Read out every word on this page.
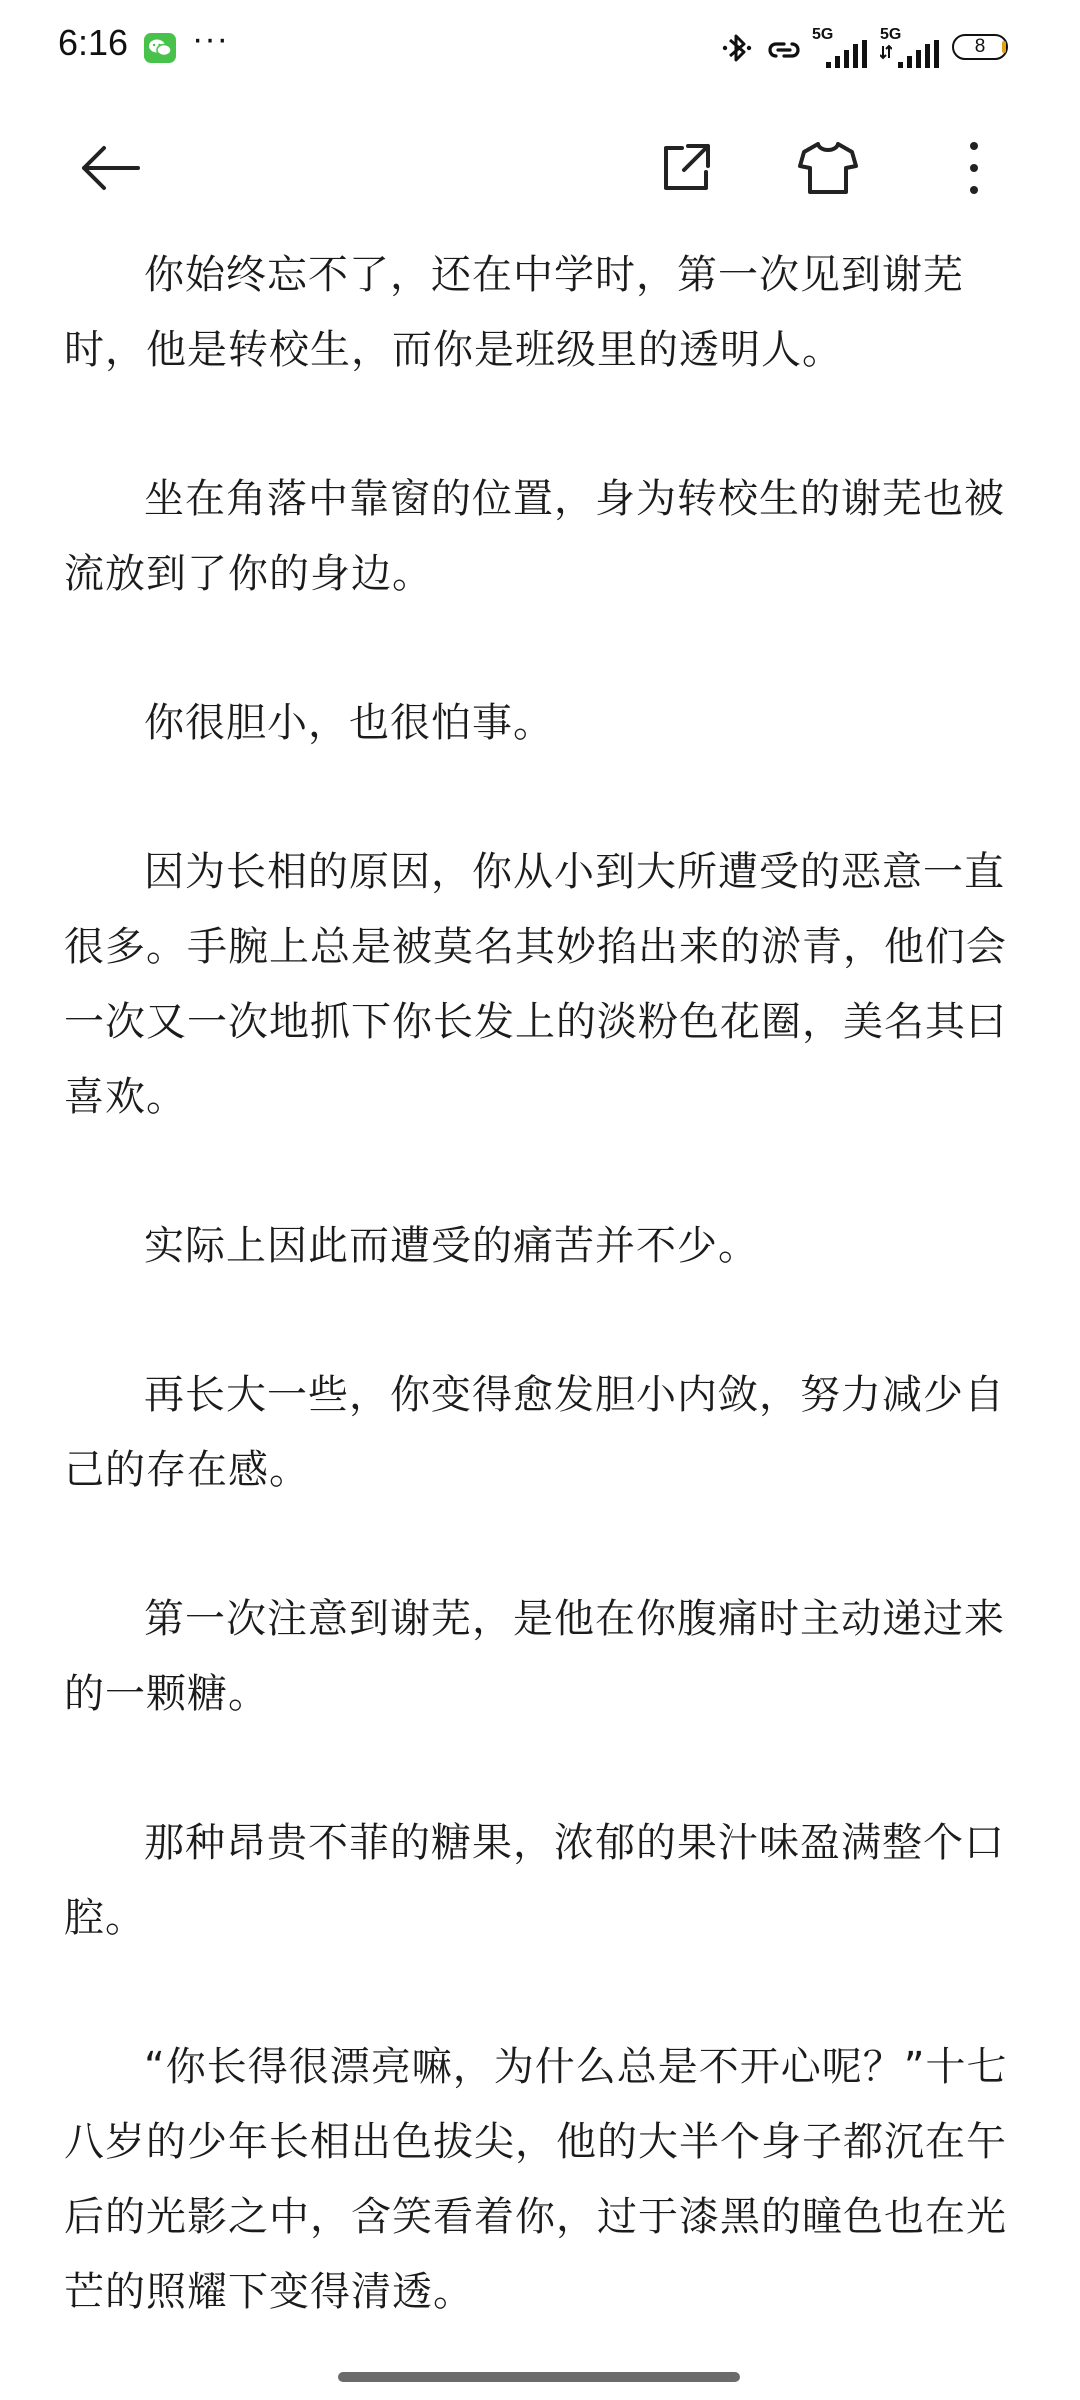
6:16 ···	5G	5G
8

你始终忘不了，还在中学时，第一次见到谢芜时，他是转校生，而你是班级里的透明人。

坐在角落中靠窗的位置，身为转校生的谢芜也被流放到了你的身边。

你很胆小，也很怕事。

因为长相的原因，你从小到大所遭受的恶意一直很多。手腕上总是被莫名其妙掐出来的淤青，他们会一次又一次地抓下你长发上的淡粉色花圈，美名其曰喜欢。

实际上因此而遭受的痛苦并不少。

再长大一些，你变得愈发胆小内敛，努力减少自己的存在感。

第一次注意到谢芜，是他在你腹痛时主动递过来的一颗糖。

那种昂贵不菲的糖果，浓郁的果汁味盈满整个口腔。

“你长得很漂亮嘛，为什么总是不开心呢？”十七八岁的少年长相出色拔尖，他的大半个身子都沉在午后的光影之中，含笑看着你，过于漆黑的瞳色也在光芒的照耀下变得清透。
